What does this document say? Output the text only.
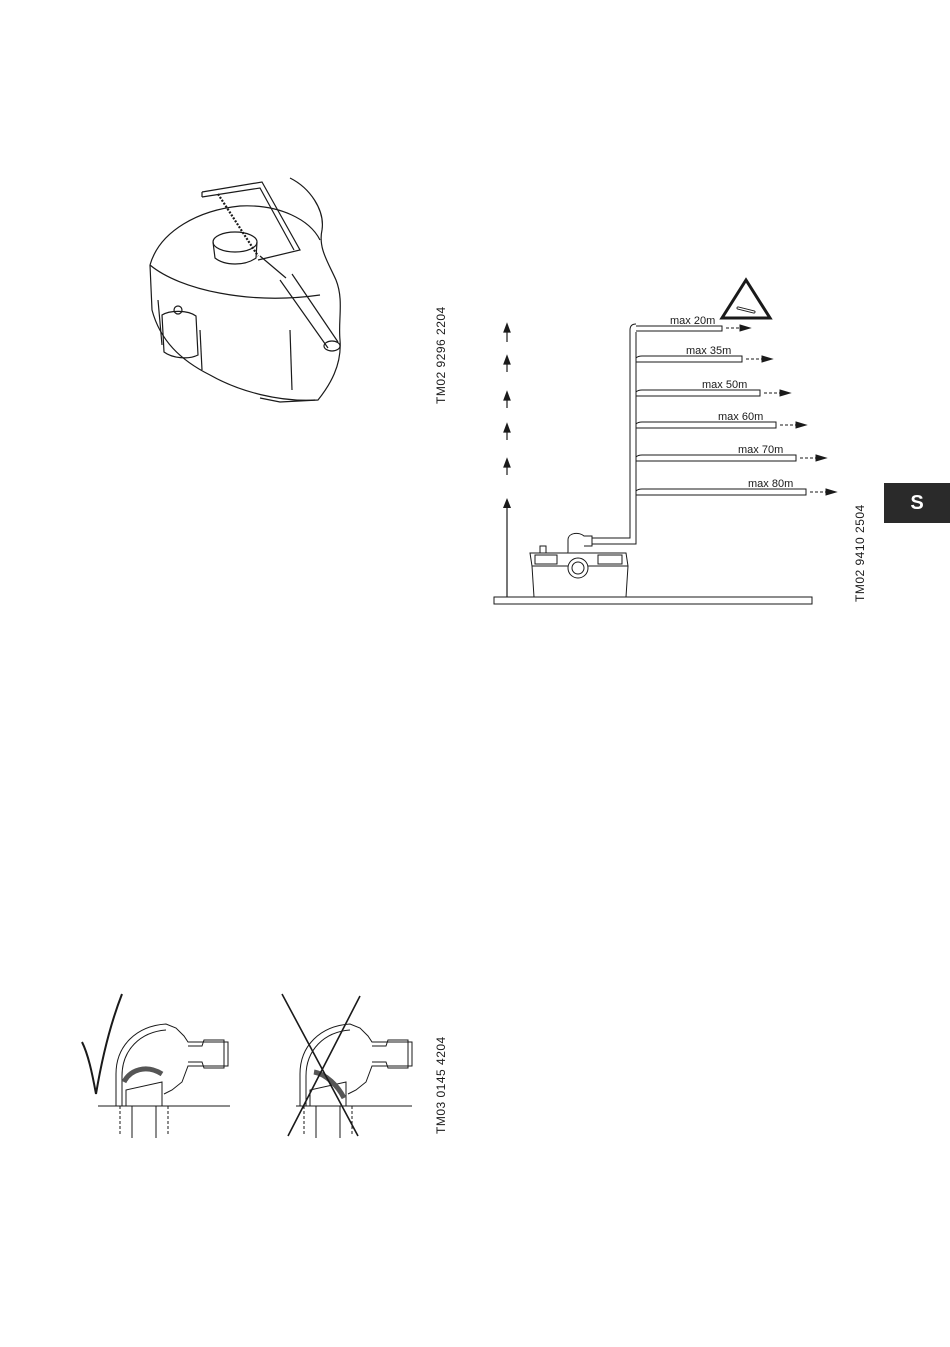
TM02 9296 2204	max 20m
max 35m
max 50m
max 60m
max 70m
max 80m
TM02 9410 2504
S
TM03 0145 4204
